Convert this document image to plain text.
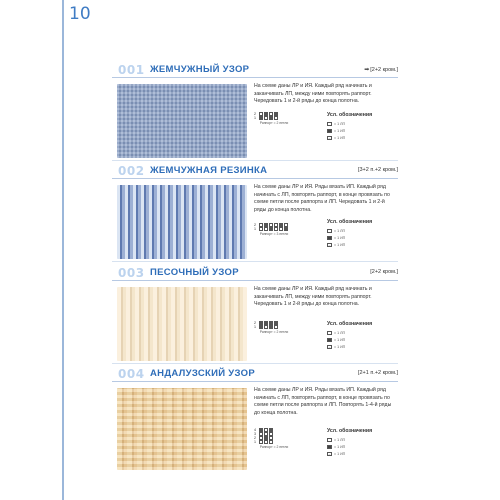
10
001 ЖЕМЧУЖНЫЙ УЗОР	➡[2+2 кром.]
На схеме даны ЛР и ИЯ. Каждый ряд начинать и заканчивать ЛП, между ними повторять раппорт. Чередовать 1 и 2-й ряды до конца полотна.
2
1
Раппорт = 2 петли
Усл. обозначения
= 1 ЛП
= 1 ИП
–	= 1 ИП
002 ЖЕМЧУЖНАЯ РЕЗИНКА	[3+2 п.+2 кром.]
На схеме даны ЛР и ИЯ. Ряды вязать ИП. Каждый ряд начинать с ЛП, повторять раппорт, в конце провязать по схеме петли после раппорта и ЛП. Чередовать 1 и 2-й ряды до конца полотна.
2
1
Раппорт = 3 петли
Усл. обозначения
= 1 ЛП
= 1 ИП
–	= 1 ИП
003 ПЕСОЧНЫЙ УЗОР	[2+2 кром.]
На схеме даны ЛР и ИЯ. Каждый ряд начинать и заканчивать ЛП, между ними повторять раппорт. Чередовать 1 и 2-й ряды до конца полотна.
2
1
Раппорт = 2 петли
Усл. обозначения
= 1 ЛП
= 1 ИП
–	= 1 ИП
004 АНДАЛУЗСКИЙ УЗОР	[2+1 п.+2 кром.]
На схеме даны ЛР и ИЯ. Ряды вязать ИП. Каждый ряд начинать с ЛП, повторять раппорт, в конце провязать по схеме петли после раппорта и ЛП. Повторять 1-4-й ряды до конца полотна.
4
3
2
1
Раппорт = 2 петли
Усл. обозначения
= 1 ЛП
= 1 ИП
–	= 1 ИП
